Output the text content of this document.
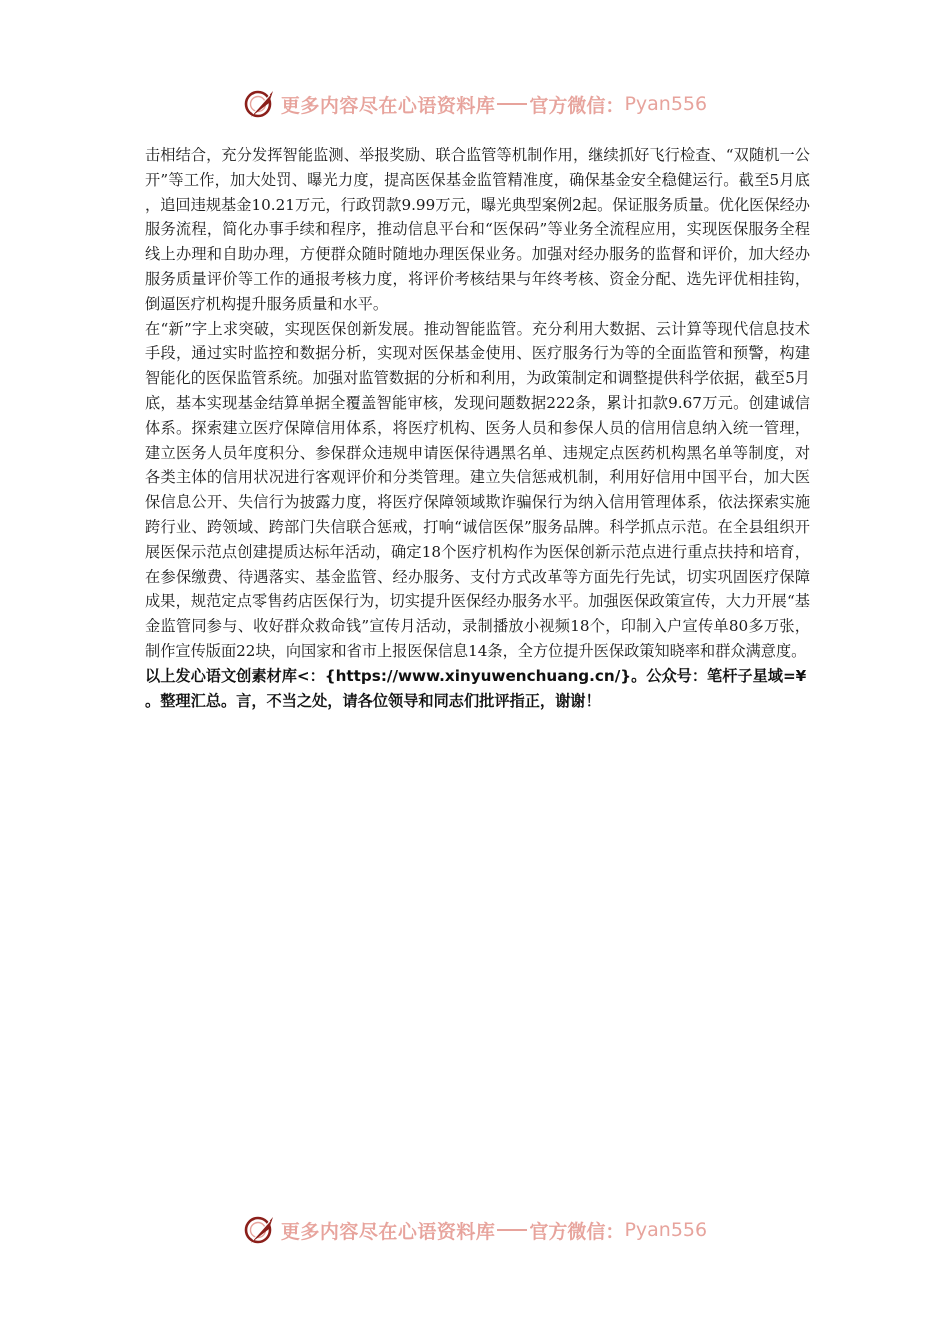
更多内容尽在心语资料库 官方微信： Pyan556

击相结合，充分发挥智能监测、举报奖励、联合监管等机制作用，继续抓好飞行检查、“双随机一公开”等工作，加大处罚、曝光力度，提高医保基金监管精准度，确保基金安全稳健运行。截至5月底，追回违规基金10.21万元，行政罚款9.99万元，曝光典型案例2起。保证服务质量。优化医保经办服务流程，简化办事手续和程序，推动信息平台和“医保码”等业务全流程应用，实现医保服务全程线上办理和自助办理，方便群众随时随地办理医保业务。加强对经办服务的监督和评价，加大经办服务质量评价等工作的通报考核力度，将评价考核结果与年终考核、资金分配、选先评优相挂钩，倒逼医疗机构提升服务质量和水平。

在“新”字上求突破，实现医保创新发展。推动智能监管。充分利用大数据、云计算等现代信息技术手段，通过实时监控和数据分析，实现对医保基金使用、医疗服务行为等的全面监管和预警，构建智能化的医保监管系统。加强对监管数据的分析和利用，为政策制定和调整提供科学依据，截至5月底，基本实现基金结算单据全覆盖智能审核，发现问题数据222条，累计扣款9.67万元。创建诚信体系。探索建立医疗保障信用体系，将医疗机构、医务人员和参保人员的信用信息纳入统一管理，建立医务人员年度积分、参保群众违规申请医保待遇黑名单、违规定点医药机构黑名单等制度，对各类主体的信用状况进行客观评价和分类管理。建立失信惩戒机制，利用好信用中国平台，加大医保信息公开、失信行为披露力度，将医疗保障领域欺诈骗保行为纳入信用管理体系，依法探索实施跨行业、跨领域、跨部门失信联合惩戒，打响“诚信医保”服务品牌。科学抓点示范。在全县组织开展医保示范点创建提质达标年活动，确定18个医疗机构作为医保创新示范点进行重点扶持和培育，在参保缴费、待遇落实、基金监管、经办服务、支付方式改革等方面先行先试，切实巩固医疗保障成果，规范定点零售药店医保行为，切实提升医保经办服务水平。加强医保政策宣传，大力开展“基金监管同参与、收好群众救命钱”宣传月活动，录制播放小视频18个，印制入户宣传单80多万张，制作宣传版面22块，向国家和省市上报医保信息14条，全方位提升医保政策知晓率和群众满意度。

以上发心语文创素材库<：{https://www.xinyuwenchuang.cn/}。公众号：笔杆子星域=¥。整理汇总。言，不当之处，请各位领导和同志们批评指正，谢谢！

更多内容尽在心语资料库 官方微信： Pyan556
